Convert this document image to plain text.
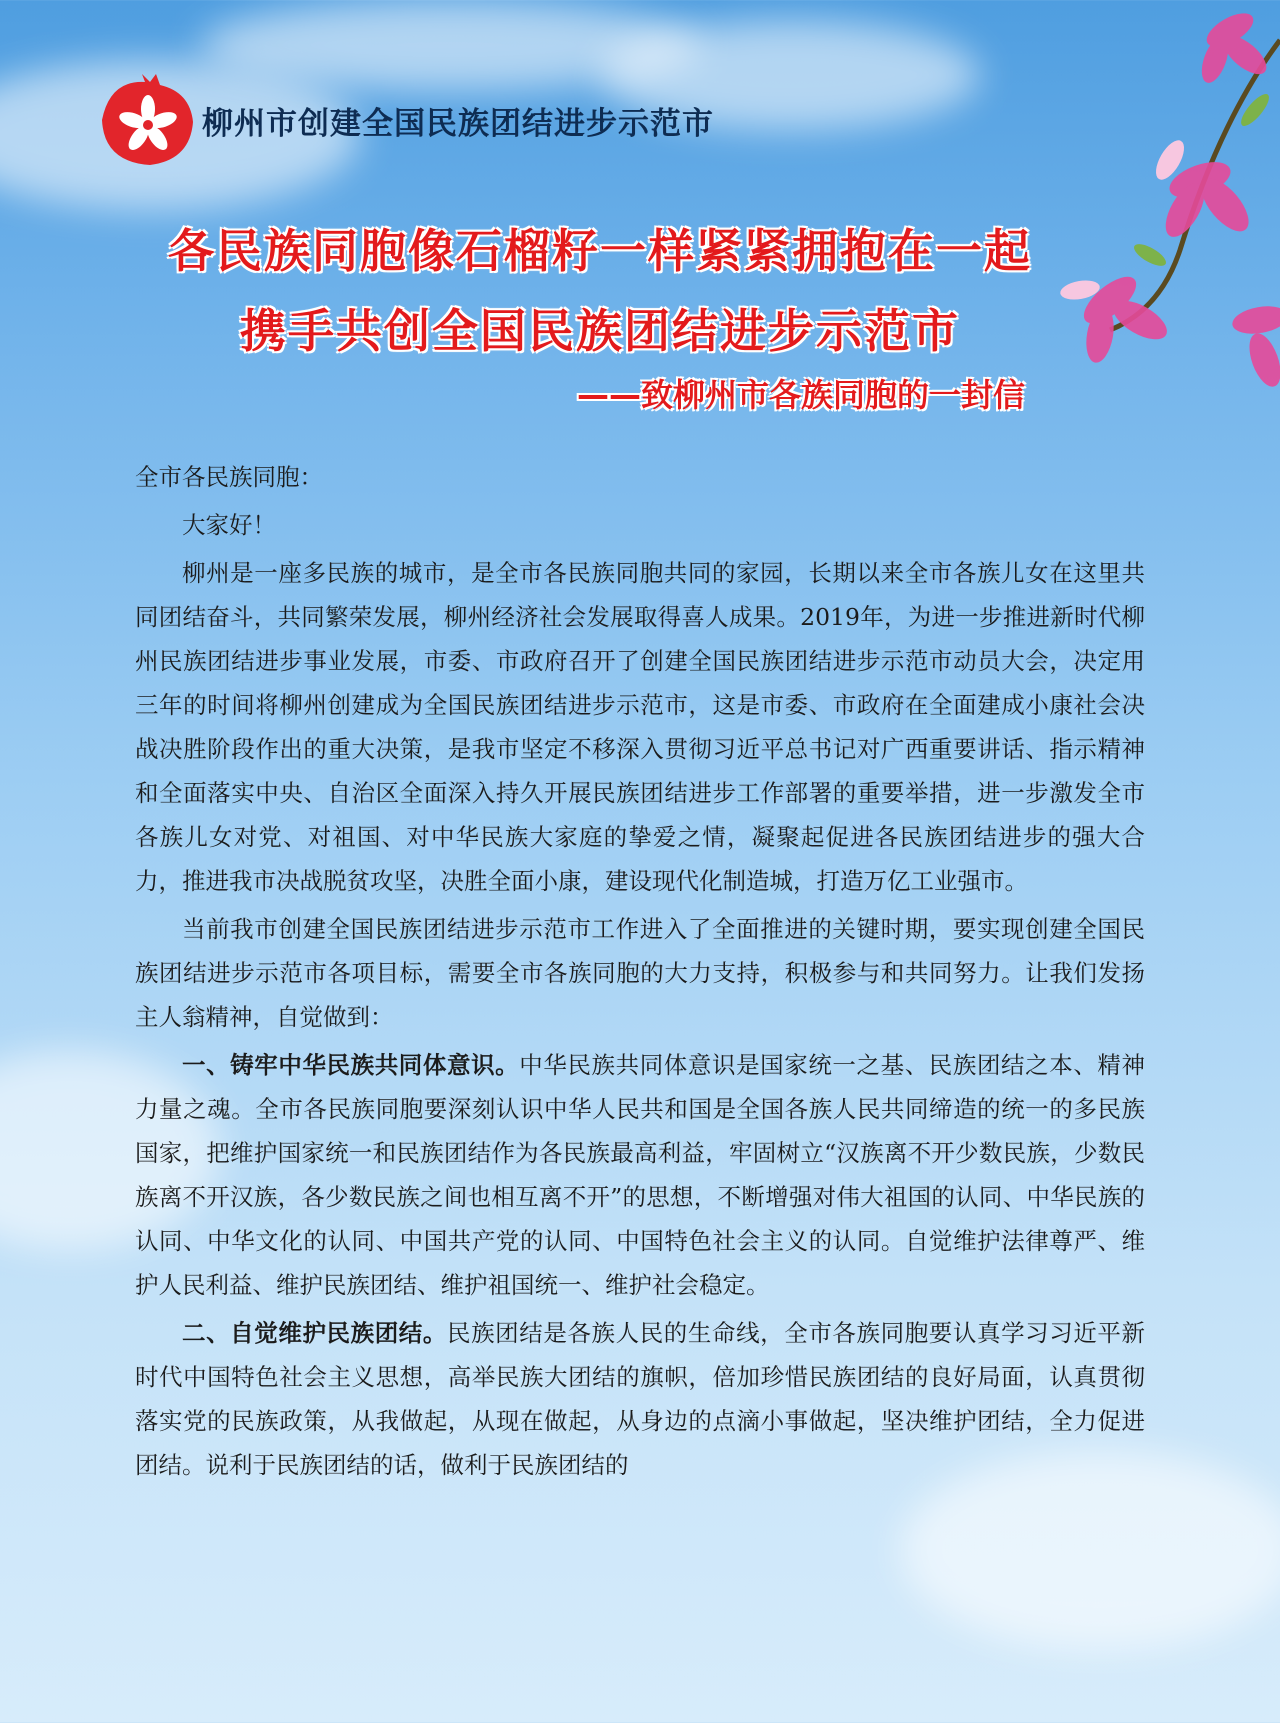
柳州市创建全国民族团结进步示范市
各民族同胞像石榴籽一样紧紧拥抱在一起
携手共创全国民族团结进步示范市
——致柳州市各族同胞的一封信

全市各民族同胞：

大家好！

柳州是一座多民族的城市，是全市各民族同胞共同的家园，长期以来全市各族儿女在这里共同团结奋斗，共同繁荣发展，柳州经济社会发展取得喜人成果。2019年，为进一步推进新时代柳州民族团结进步事业发展，市委、市政府召开了创建全国民族团结进步示范市动员大会，决定用三年的时间将柳州创建成为全国民族团结进步示范市，这是市委、市政府在全面建成小康社会决战决胜阶段作出的重大决策，是我市坚定不移深入贯彻习近平总书记对广西重要讲话、指示精神和全面落实中央、自治区全面深入持久开展民族团结进步工作部署的重要举措，进一步激发全市各族儿女对党、对祖国、对中华民族大家庭的挚爱之情，凝聚起促进各民族团结进步的强大合力，推进我市决战脱贫攻坚，决胜全面小康，建设现代化制造城，打造万亿工业强市。

当前我市创建全国民族团结进步示范市工作进入了全面推进的关键时期，要实现创建全国民族团结进步示范市各项目标，需要全市各族同胞的大力支持，积极参与和共同努力。让我们发扬主人翁精神，自觉做到：

一、铸牢中华民族共同体意识。中华民族共同体意识是国家统一之基、民族团结之本、精神力量之魂。全市各民族同胞要深刻认识中华人民共和国是全国各族人民共同缔造的统一的多民族国家，把维护国家统一和民族团结作为各民族最高利益，牢固树立“汉族离不开少数民族，少数民族离不开汉族，各少数民族之间也相互离不开”的思想，不断增强对伟大祖国的认同、中华民族的认同、中华文化的认同、中国共产党的认同、中国特色社会主义的认同。自觉维护法律尊严、维护人民利益、维护民族团结、维护祖国统一、维护社会稳定。

二、自觉维护民族团结。民族团结是各族人民的生命线，全市各族同胞要认真学习习近平新时代中国特色社会主义思想，高举民族大团结的旗帜，倍加珍惜民族团结的良好局面，认真贯彻落实党的民族政策，从我做起，从现在做起，从身边的点滴小事做起，坚决维护团结，全力促进团结。说利于民族团结的话，做利于民族团结的
